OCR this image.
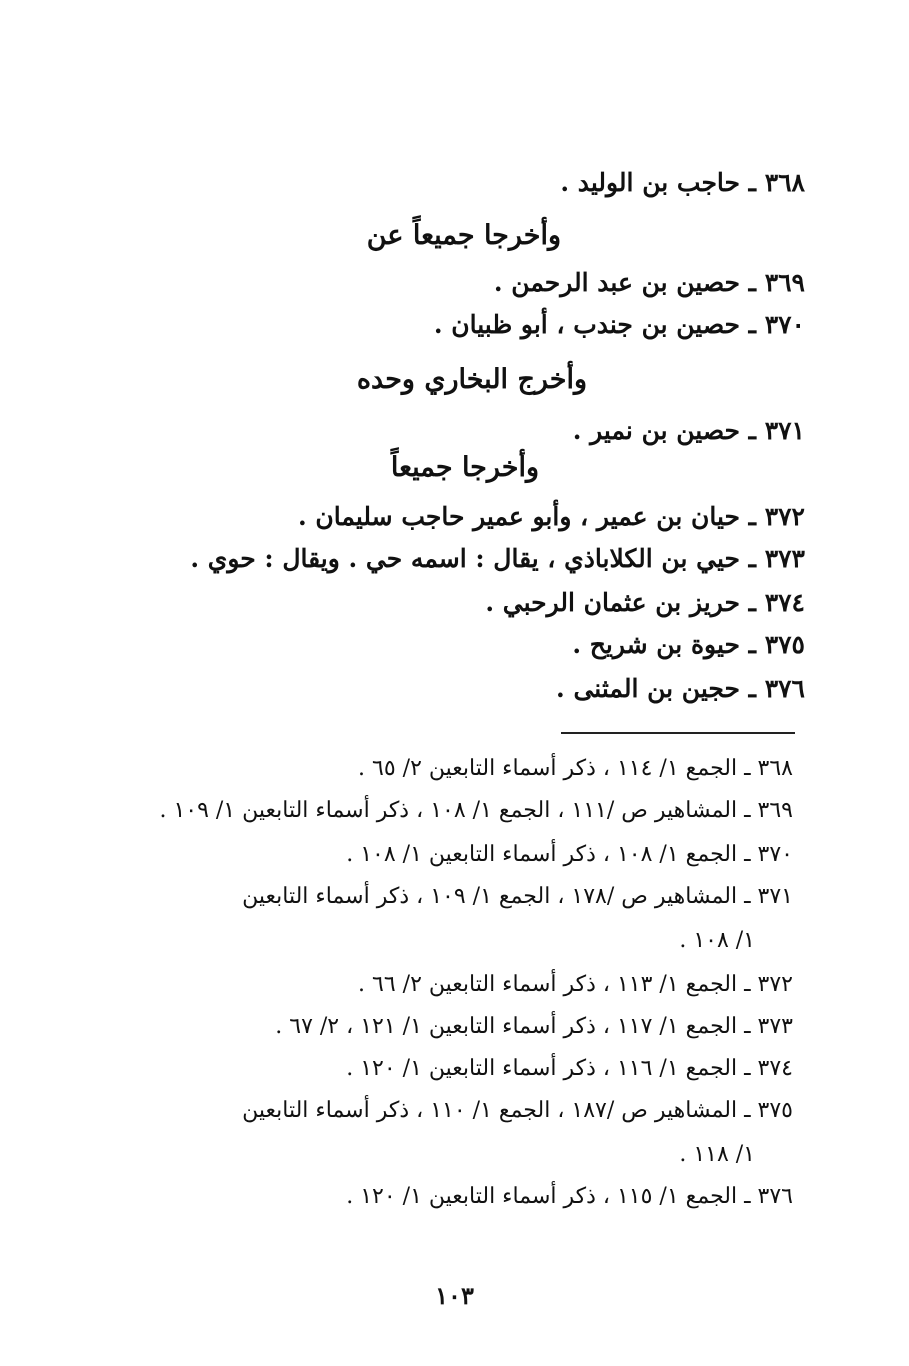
٣٦٨ ـ حاجب بن الوليد .
وأخرجا جميعاً عن
٣٦٩ ـ حصين بن عبد الرحمن .
٣٧٠ ـ حصين بن جندب ، أبو ظبيان .
وأخرج البخاري وحده
٣٧١ ـ حصين بن نمير .
وأخرجا جميعاً
٣٧٢ ـ حيان بن عمير ، وأبو عمير حاجب سليمان .
٣٧٣ ـ حيي بن الكلاباذي ، يقال : اسمه حي . ويقال : حوي .
٣٧٤ ـ حريز بن عثمان الرحبي .
٣٧٥ ـ حيوة بن شريح .
٣٧٦ ـ حجين بن المثنى .
٣٦٨ ـ الجمع ١/ ١١٤ ، ذكر أسماء التابعين ٢/ ٦٥ .
٣٦٩ ـ المشاهير ص /١١١ ، الجمع ١/ ١٠٨ ، ذكر أسماء التابعين ١/ ١٠٩ .
٣٧٠ ـ الجمع ١/ ١٠٨ ، ذكر أسماء التابعين ١/ ١٠٨ .
٣٧١ ـ المشاهير ص /١٧٨ ، الجمع ١/ ١٠٩ ، ذكر أسماء التابعين
١/ ١٠٨ .
٣٧٢ ـ الجمع ١/ ١١٣ ، ذكر أسماء التابعين ٢/ ٦٦ .
٣٧٣ ـ الجمع ١/ ١١٧ ، ذكر أسماء التابعين ١/ ١٢١ ، ٢/ ٦٧ .
٣٧٤ ـ الجمع ١/ ١١٦ ، ذكر أسماء التابعين ١/ ١٢٠ .
٣٧٥ ـ المشاهير ص /١٨٧ ، الجمع ١/ ١١٠ ، ذكر أسماء التابعين
١/ ١١٨ .
٣٧٦ ـ الجمع ١/ ١١٥ ، ذكر أسماء التابعين ١/ ١٢٠ .
١٠٣
